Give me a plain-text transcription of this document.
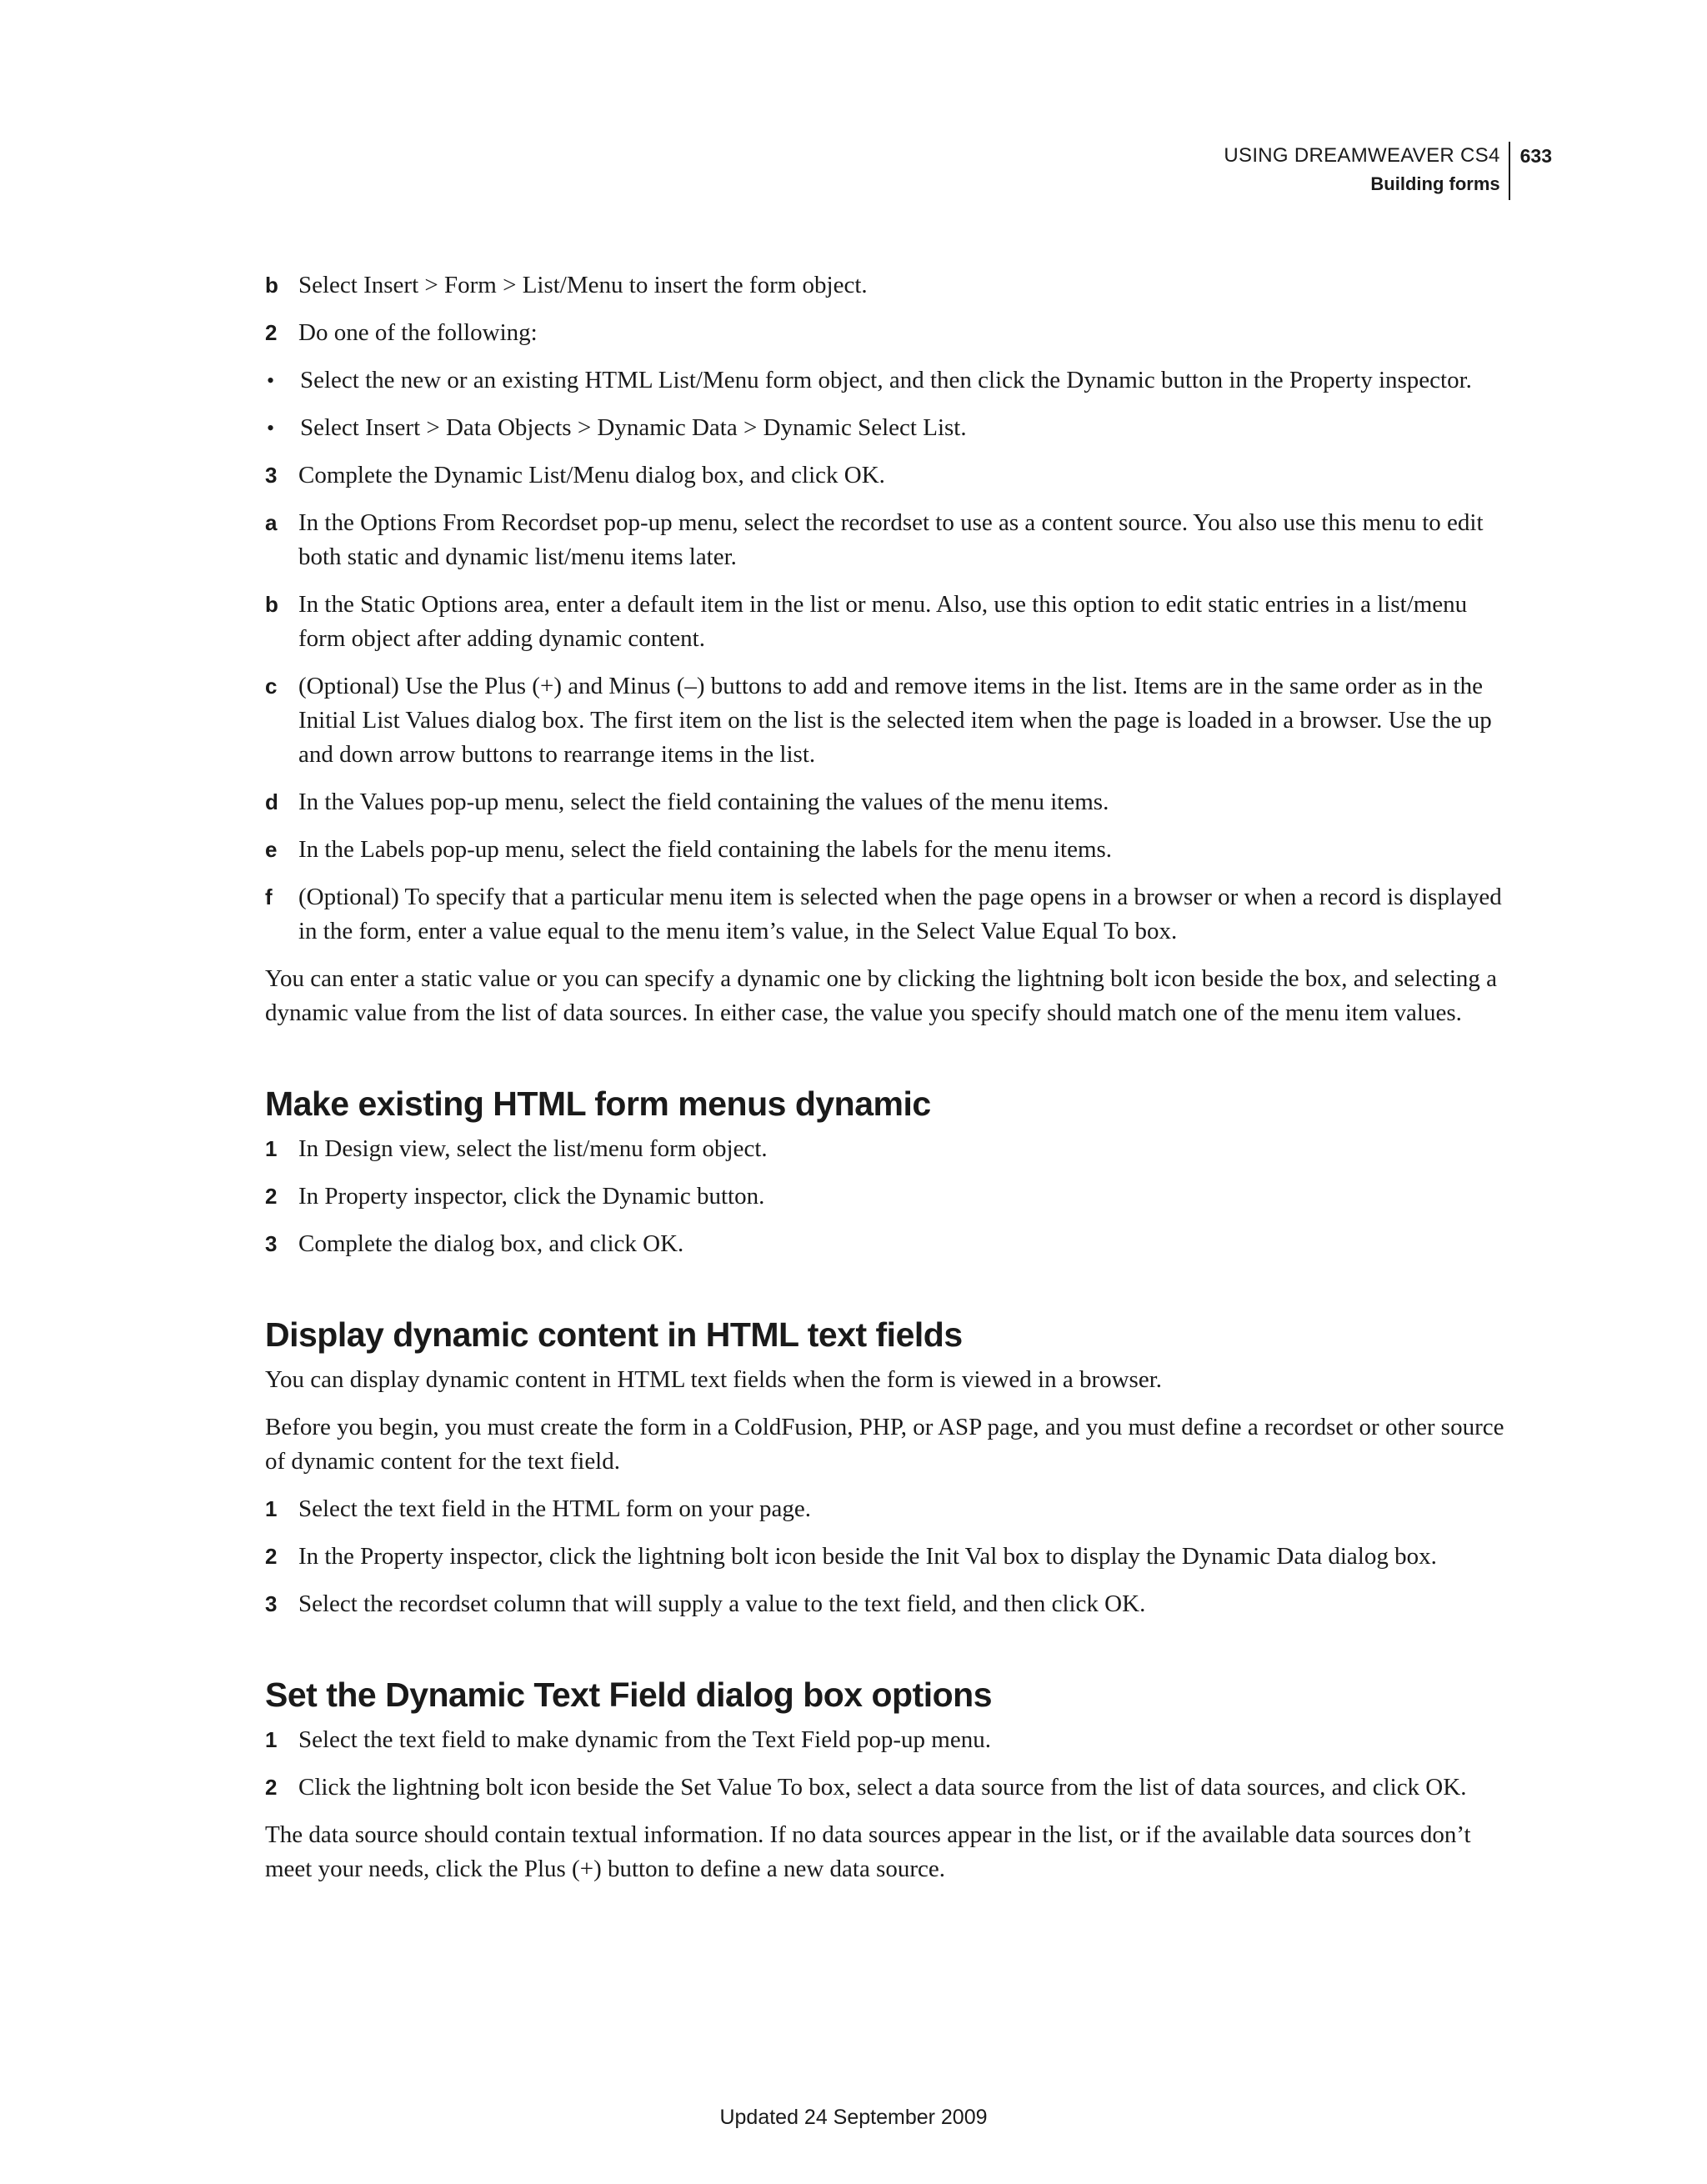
USING DREAMWEAVER CS4
Building forms
633
b Select Insert > Form > List/Menu to insert the form object.
2 Do one of the following:
•	Select the new or an existing HTML List/Menu form object, and then click the Dynamic button in the Property inspector.
•	Select Insert > Data Objects > Dynamic Data > Dynamic Select List.
3 Complete the Dynamic List/Menu dialog box, and click OK.
a In the Options From Recordset pop-up menu, select the recordset to use as a content source. You also use this menu to edit both static and dynamic list/menu items later.
b In the Static Options area, enter a default item in the list or menu. Also, use this option to edit static entries in a list/menu form object after adding dynamic content.
c (Optional) Use the Plus (+) and Minus (–) buttons to add and remove items in the list. Items are in the same order as in the Initial List Values dialog box. The first item on the list is the selected item when the page is loaded in a browser. Use the up and down arrow buttons to rearrange items in the list.
d In the Values pop-up menu, select the field containing the values of the menu items.
e In the Labels pop-up menu, select the field containing the labels for the menu items.
f	(Optional) To specify that a particular menu item is selected when the page opens in a browser or when a record is displayed in the form, enter a value equal to the menu item’s value, in the Select Value Equal To box.
You can enter a static value or you can specify a dynamic one by clicking the lightning bolt icon beside the box, and selecting a dynamic value from the list of data sources. In either case, the value you specify should match one of the menu item values.
Make existing HTML form menus dynamic
1 In Design view, select the list/menu form object.
2 In Property inspector, click the Dynamic button.
3 Complete the dialog box, and click OK.
Display dynamic content in HTML text fields
You can display dynamic content in HTML text fields when the form is viewed in a browser.
Before you begin, you must create the form in a ColdFusion, PHP, or ASP page, and you must define a recordset or other source of dynamic content for the text field.
1 Select the text field in the HTML form on your page.
2 In the Property inspector, click the lightning bolt icon beside the Init Val box to display the Dynamic Data dialog box.
3 Select the recordset column that will supply a value to the text field, and then click OK.
Set the Dynamic Text Field dialog box options
1 Select the text field to make dynamic from the Text Field pop-up menu.
2 Click the lightning bolt icon beside the Set Value To box, select a data source from the list of data sources, and click OK.
The data source should contain textual information. If no data sources appear in the list, or if the available data sources don’t meet your needs, click the Plus (+) button to define a new data source.
Updated 24 September 2009
